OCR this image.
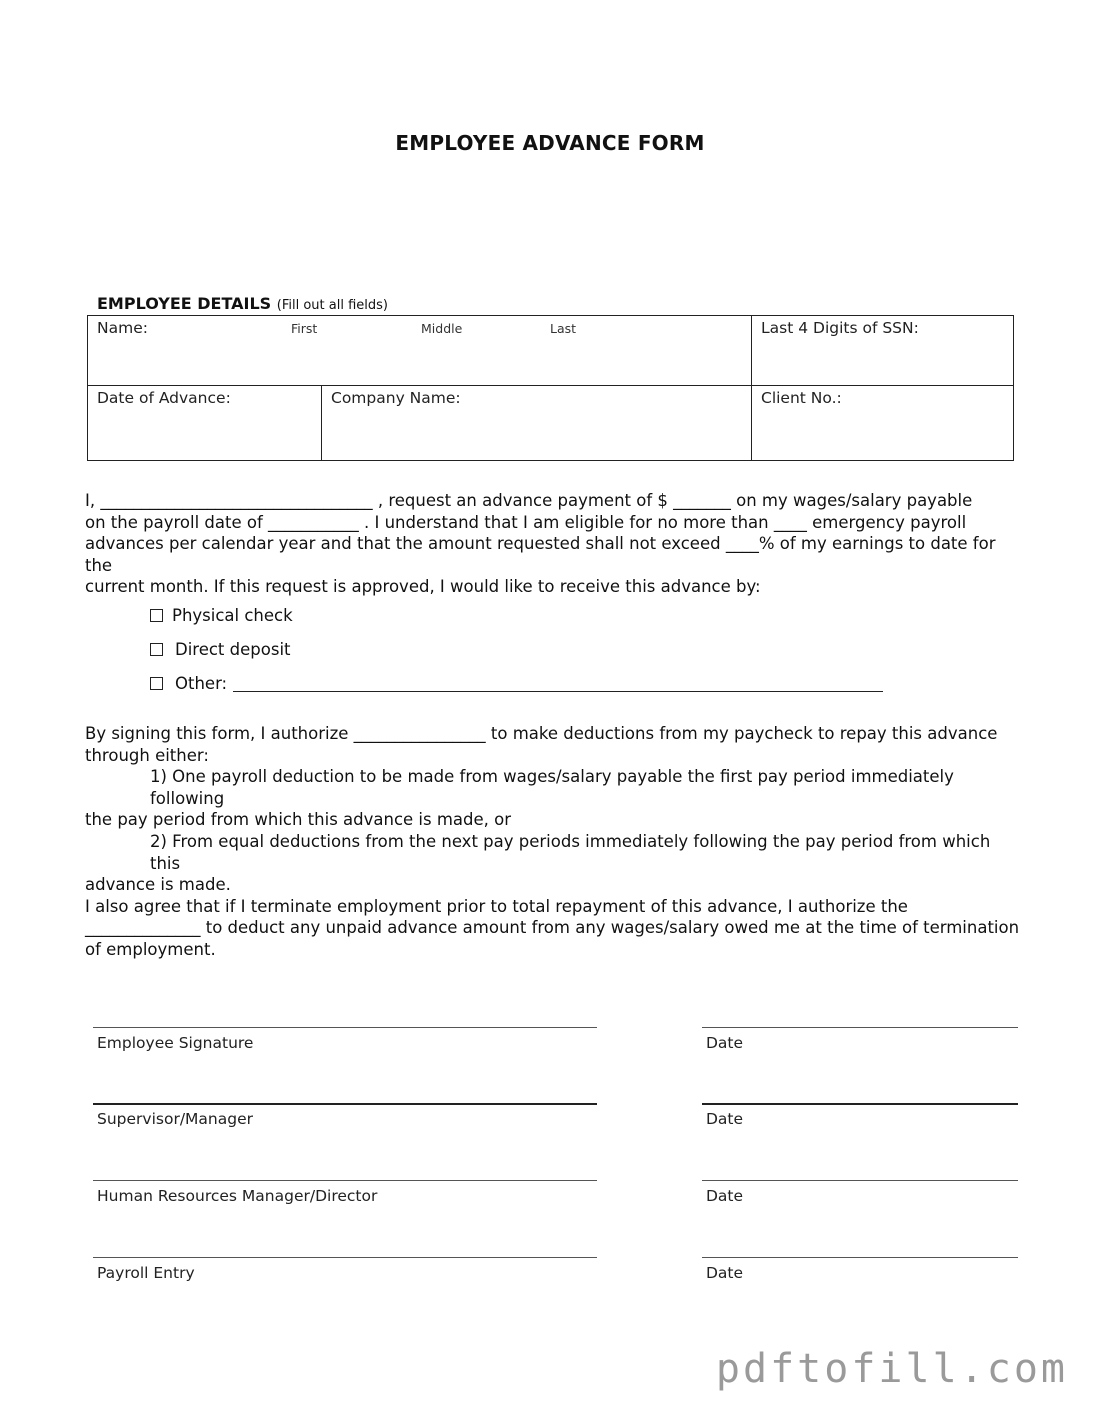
EMPLOYEE ADVANCE FORM
EMPLOYEE DETAILS (Fill out all fields)
Name:	First	Middle	Last	Last 4 Digits of SSN:
Date of Advance:	Company Name:	Client No.:

I, _________________________________ , request an advance payment of $ _______ on my wages/salary payable

on the payroll date of ___________ . I understand that I am eligible for no more than ____ emergency payroll

advances per calendar year and that the amount requested shall not exceed ____% of my earnings to date for the

current month. If this request is approved, I would like to receive this advance by:

Physical check
Direct deposit
Other:

By signing this form, I authorize ________________ to make deductions from my paycheck to repay this advance

through either:

1) One payroll deduction to be made from wages/salary payable the first pay period immediately following

the pay period from which this advance is made, or

2) From equal deductions from the next pay periods immediately following the pay period from which this

advance is made.

I also agree that if I terminate employment prior to total repayment of this advance, I authorize the

______________ to deduct any unpaid advance amount from any wages/salary owed me at the time of termination

of employment.

Employee Signature	Date
Supervisor/Manager	Date
Human Resources Manager/Director	Date
Payroll Entry	Date
pdftofill.com
